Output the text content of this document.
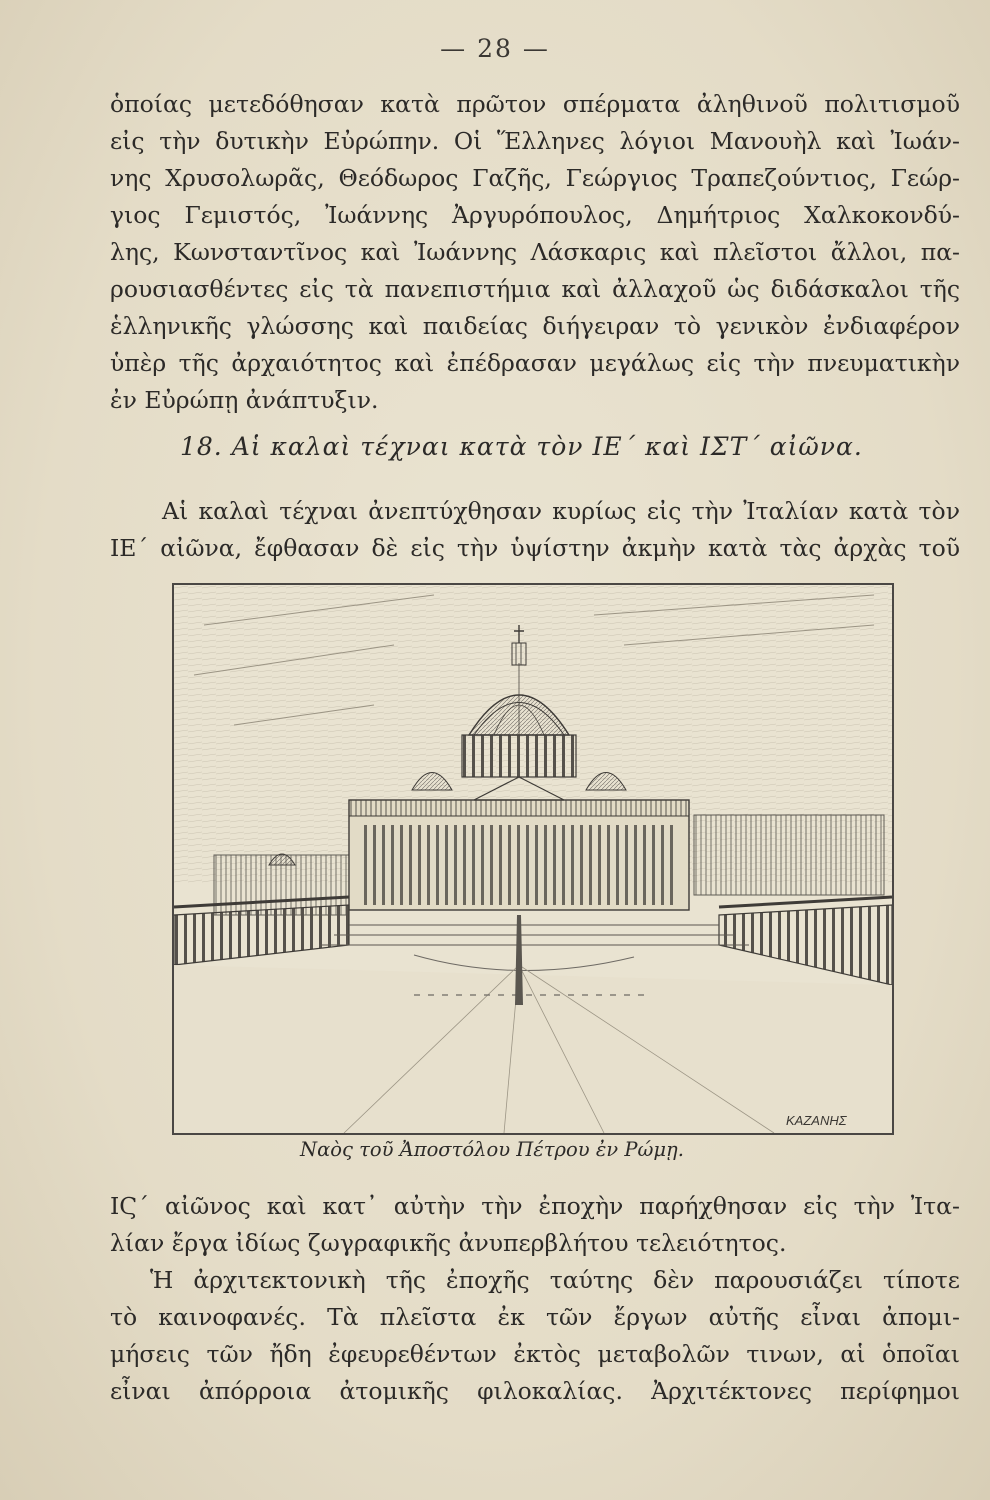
— 28 —
ὁποίας μετεδόθησαν κατὰ πρῶτον σπέρματα ἀληθινοῦ πολιτισμοῦ
εἰς τὴν δυτικὴν Εὐρώπην. Οἱ Ἕλληνες λόγιοι Μανουὴλ καὶ Ἰωάν-
νης Χρυσολωρᾶς, Θεόδωρος Γαζῆς, Γεώργιος Τραπεζούντιος, Γεώρ-
γιος Γεμιστός, Ἰωάννης Ἀργυρόπουλος, Δημήτριος Χαλκοκονδύ-
λης, Κωνσταντῖνος καὶ Ἰωάννης Λάσκαρις καὶ πλεῖστοι ἄλλοι, πα-
ρουσιασθέντες εἰς τὰ πανεπιστήμια καὶ ἀλλαχοῦ ὡς διδάσκαλοι τῆς
ἑλληνικῆς γλώσσης καὶ παιδείας διήγειραν τὸ γενικὸν ἐνδιαφέρον
ὑπὲρ τῆς ἀρχαιότητος καὶ ἐπέδρασαν μεγάλως εἰς τὴν πνευματικὴν
ἐν Εὐρώπῃ ἀνάπτυξιν.
18. Αἱ καλαὶ τέχναι κατὰ τὸν ΙΕ΄ καὶ ΙΣΤ΄ αἰῶνα.
Αἱ καλαὶ τέχναι ἀνεπτύχθησαν κυρίως εἰς τὴν Ἰταλίαν κατὰ τὸν
ΙΕ΄ αἰῶνα, ἔφθασαν δὲ εἰς τὴν ὑψίστην ἀκμὴν κατὰ τὰς ἀρχὰς τοῦ
ΚΑΖΑΝΗΣ
Ναὸς τοῦ Ἀποστόλου Πέτρου ἐν Ρώμῃ.
ΙϚ΄ αἰῶνος καὶ κατ᾽ αὐτὴν τὴν ἐποχὴν παρήχθησαν εἰς τὴν Ἰτα-
λίαν ἔργα ἰδίως ζωγραφικῆς ἀνυπερβλήτου τελειότητος.
Ἡ ἀρχιτεκτονικὴ τῆς ἐποχῆς ταύτης δὲν παρουσιάζει τίποτε
τὸ καινοφανές. Τὰ πλεῖστα ἐκ τῶν ἔργων αὐτῆς εἶναι ἀπομι-
μήσεις τῶν ἤδη ἐφευρεθέντων ἐκτὸς μεταβολῶν τινων, αἱ ὁποῖαι
εἶναι ἀπόρροια ἀτομικῆς φιλοκαλίας. Ἀρχιτέκτονες περίφημοι
